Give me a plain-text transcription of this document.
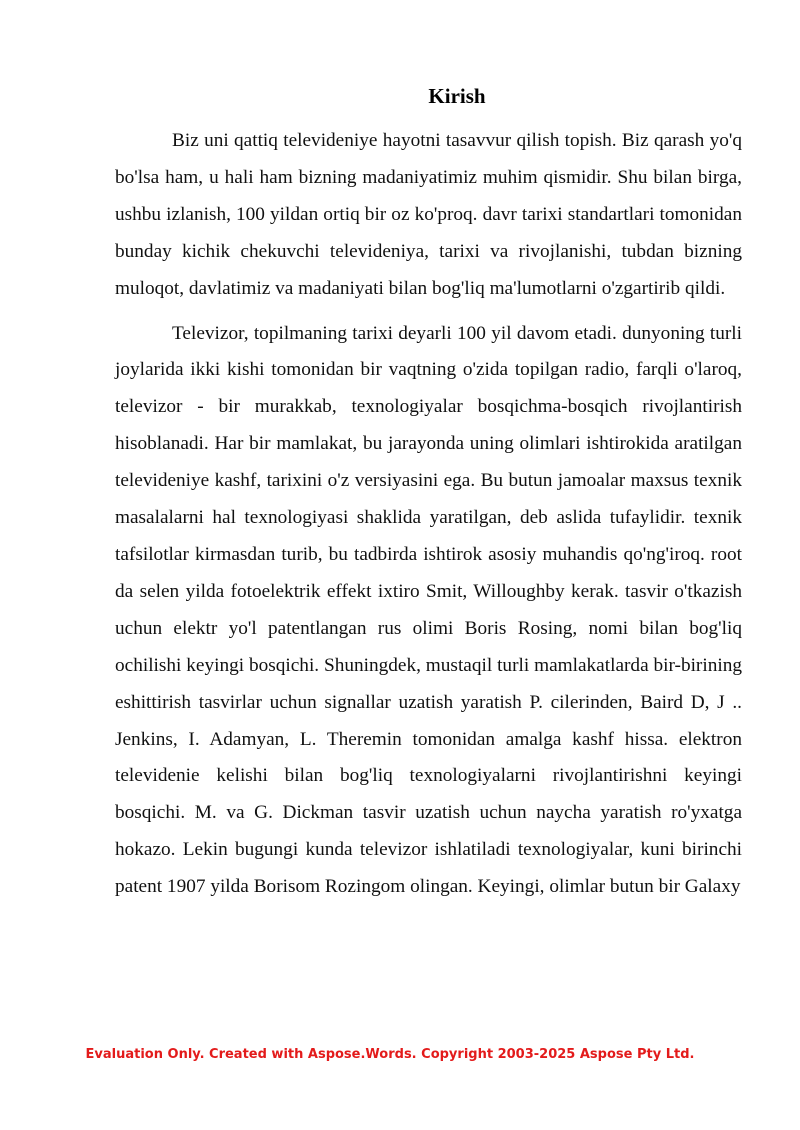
Kirish

Biz uni qattiq televideniye hayotni tasavvur qilish topish. Biz qarash yo'q bo'lsa ham, u hali ham bizning madaniyatimiz muhim qismidir. Shu bilan birga, ushbu izlanish, 100 yildan ortiq bir oz ko'proq. davr tarixi standartlari tomonidan bunday kichik chekuvchi televideniya, tarixi va rivojlanishi, tubdan bizning muloqot, davlatimiz va madaniyati bilan bog'liq ma'lumotlarni o'zgartirib qildi.

Televizor, topilmaning tarixi deyarli 100 yil davom etadi. dunyoning turli joylarida ikki kishi tomonidan bir vaqtning o'zida topilgan radio, farqli o'laroq, televizor - bir murakkab, texnologiyalar bosqichma-bosqich rivojlantirish hisoblanadi. Har bir mamlakat, bu jarayonda uning olimlari ishtirokida aratilgan televideniye kashf, tarixini o'z versiyasini ega. Bu butun jamoalar maxsus texnik masalalarni hal texnologiyasi shaklida yaratilgan, deb aslida tufaylidir. texnik tafsilotlar kirmasdan turib, bu tadbirda ishtirok asosiy muhandis qo'ng'iroq. root da selen yilda fotoelektrik effekt ixtiro Smit, Willoughby kerak. tasvir o'tkazish uchun elektr yo'l patentlangan rus olimi Boris Rosing, nomi bilan bog'liq ochilishi keyingi bosqichi. Shuningdek, mustaqil turli mamlakatlarda bir-birining eshittirish tasvirlar uchun signallar uzatish yaratish P. cilerinden, Baird D, J .. Jenkins, I. Adamyan, L. Theremin tomonidan amalga kashf hissa. elektron televidenie kelishi bilan bog'liq texnologiyalarni rivojlantirishni keyingi bosqichi. M. va G. Dickman tasvir uzatish uchun naycha yaratish ro'yxatga hokazo. Lekin bugungi kunda televizor ishlatiladi texnologiyalar, kuni birinchi patent 1907 yilda Borisom Rozingom olingan. Keyingi, olimlar butun bir Galaxy

Evaluation Only. Created with Aspose.Words. Copyright 2003-2025 Aspose Pty Ltd.
